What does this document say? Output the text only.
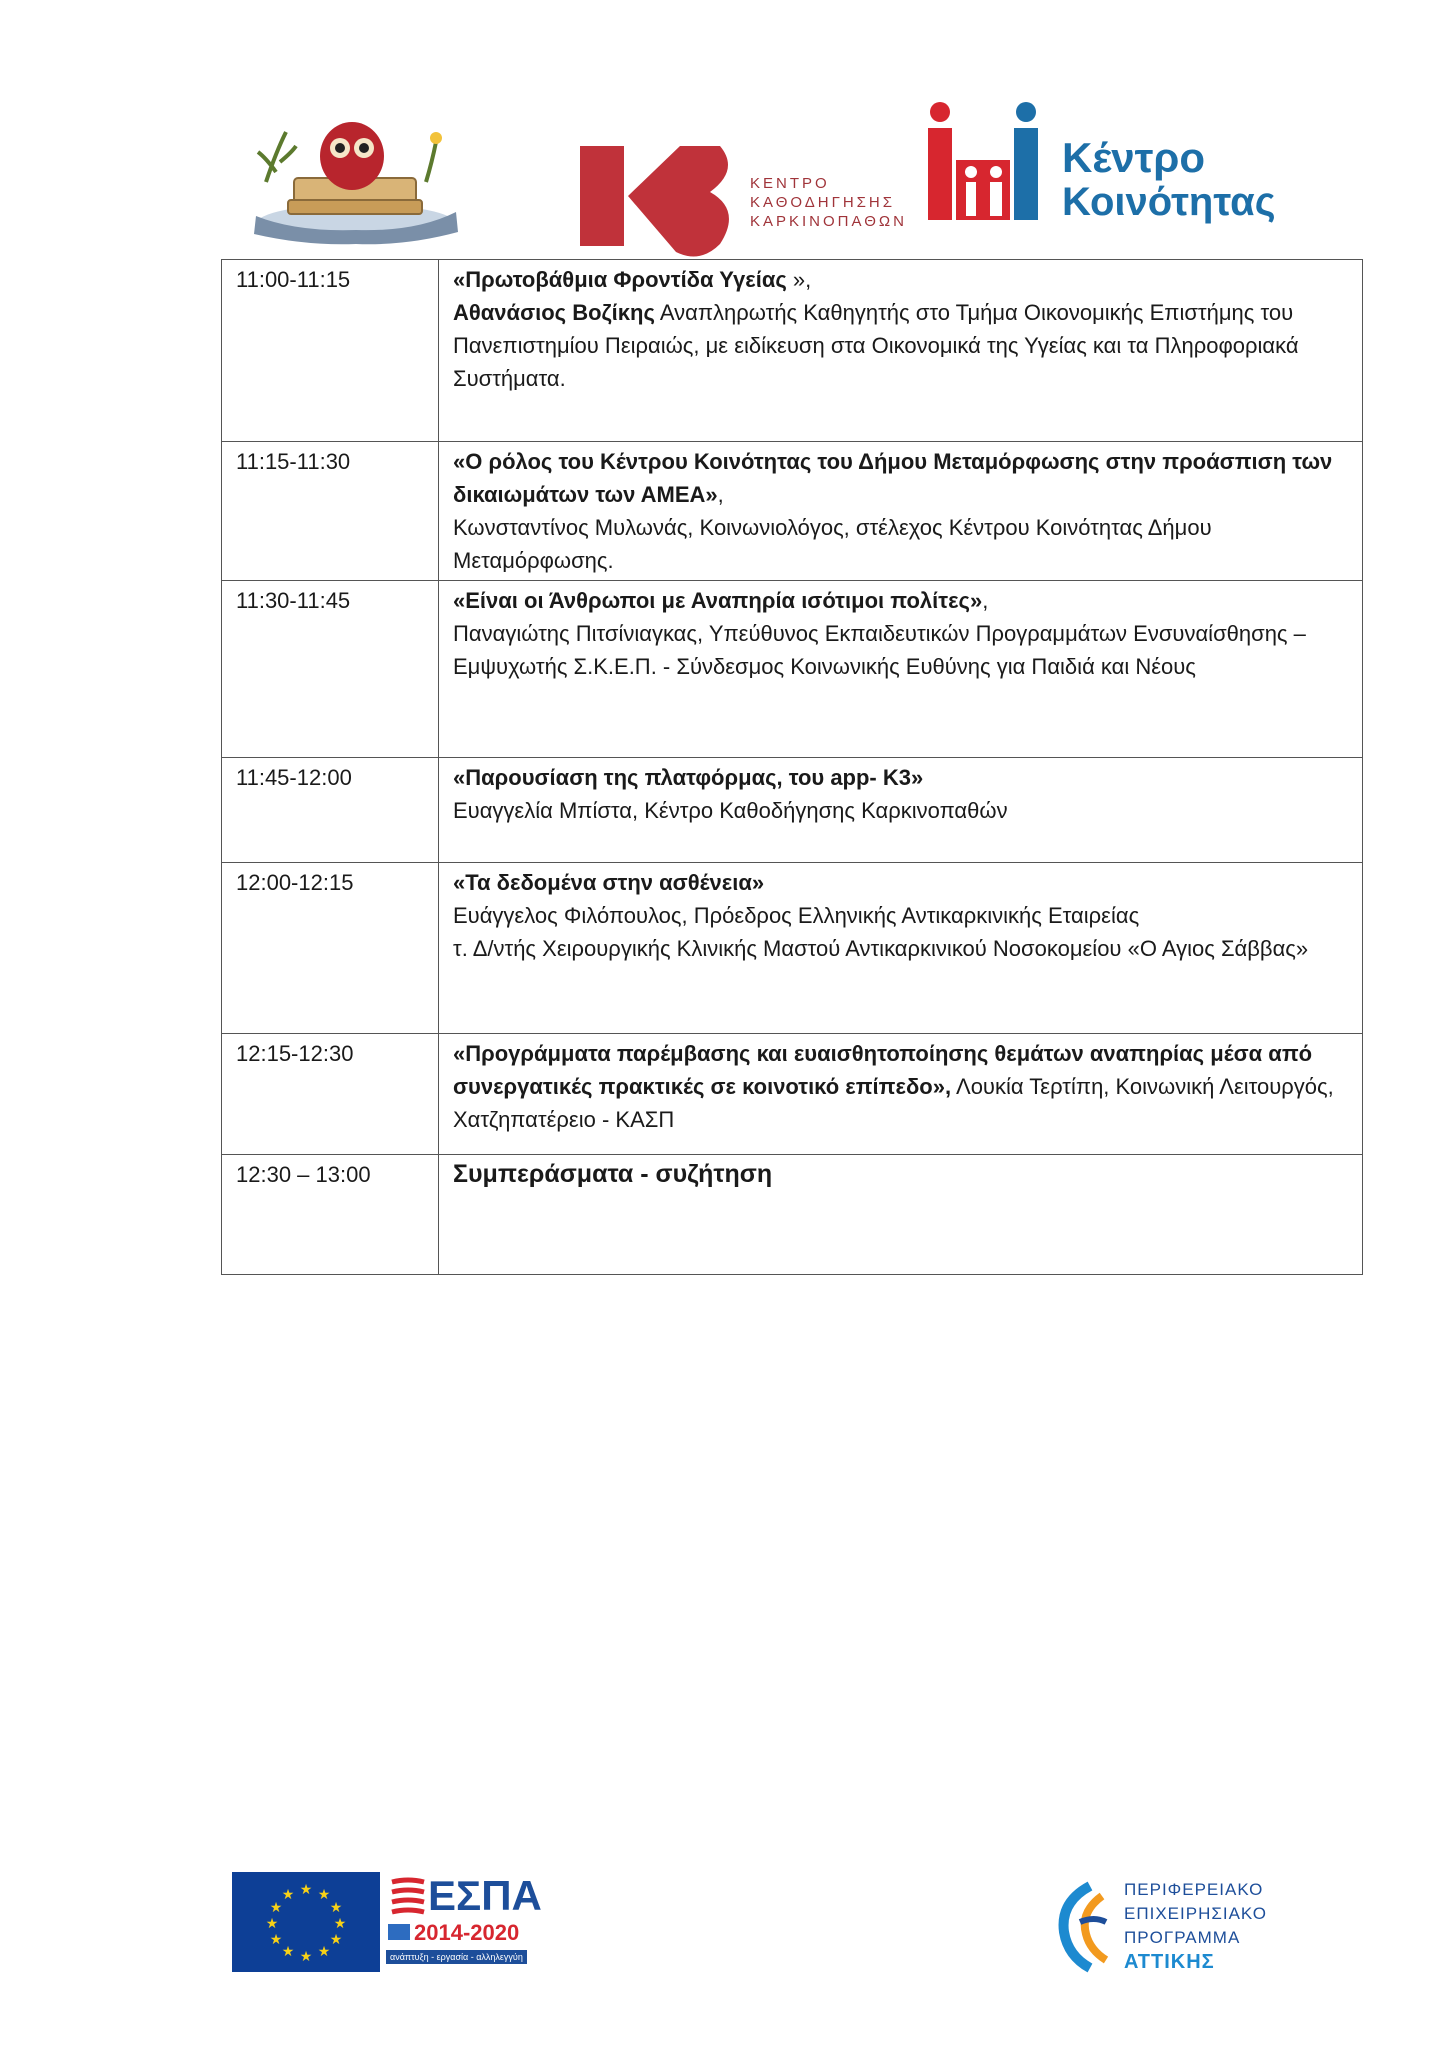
ΚΕΝΤΡΟ
ΚΑΘΟΔΗΓΗΣΗΣ
ΚΑΡΚΙΝΟΠΑΘΩΝ
Κέντρο
Κοινότητας
11:00-11:15	«Πρωτοβάθμια Φροντίδα Υγείας »,
Αθανάσιος Βοζίκης Αναπληρωτής Καθηγητής στο Τμήμα Οικονομικής Επιστήμης του Πανεπιστημίου Πειραιώς, με ειδίκευση στα Οικονομικά της Υγείας και τα Πληροφοριακά Συστήματα.
11:15-11:30	«Ο ρόλος του Κέντρου Κοινότητας του Δήμου Μεταμόρφωσης στην προάσπιση των δικαιωμάτων των ΑΜΕΑ»,
Κωνσταντίνος Μυλωνάς, Κοινωνιολόγος, στέλεχος Κέντρου Κοινότητας Δήμου Μεταμόρφωσης.
11:30-11:45	«Είναι οι Άνθρωποι με Αναπηρία ισότιμοι πολίτες»,
Παναγιώτης Πιτσίνιαγκας, Υπεύθυνος Εκπαιδευτικών Προγραμμάτων Ενσυναίσθησης – Εμψυχωτής Σ.Κ.Ε.Π. - Σύνδεσμος Κοινωνικής Ευθύνης για Παιδιά και Νέους
11:45-12:00	«Παρουσίαση της πλατφόρμας, του app- Κ3»
Ευαγγελία Μπίστα, Κέντρο Καθοδήγησης Καρκινοπαθών
12:00-12:15	«Τα δεδομένα στην ασθένεια»
Ευάγγελος Φιλόπουλος, Πρόεδρος Ελληνικής Αντικαρκινικής Εταιρείας
τ. Δ/ντής Χειρουργικής Κλινικής Μαστού Αντικαρκινικού Νοσοκομείου «Ο Αγιος Σάββας»
12:15-12:30	«Προγράμματα παρέμβασης και ευαισθητοποίησης θεμάτων αναπηρίας μέσα από συνεργατικές πρακτικές σε κοινοτικό επίπεδο», Λουκία Τερτίπη, Κοινωνική Λειτουργός, Χατζηπατέρειο - ΚΑΣΠ
12:30 – 13:00	Συμπεράσματα - συζήτηση
★ ★
★
★
★
★
★
★
★
★
★
★	ΕΣΠΑ
2014-2020
ανάπτυξη - εργασία - αλληλεγγύη
ΠΕΡΙΦΕΡΕΙΑΚΟ
ΕΠΙΧΕΙΡΗΣΙΑΚΟ
ΠΡΟΓΡΑΜΜΑ
ΑΤΤΙΚΗΣ
